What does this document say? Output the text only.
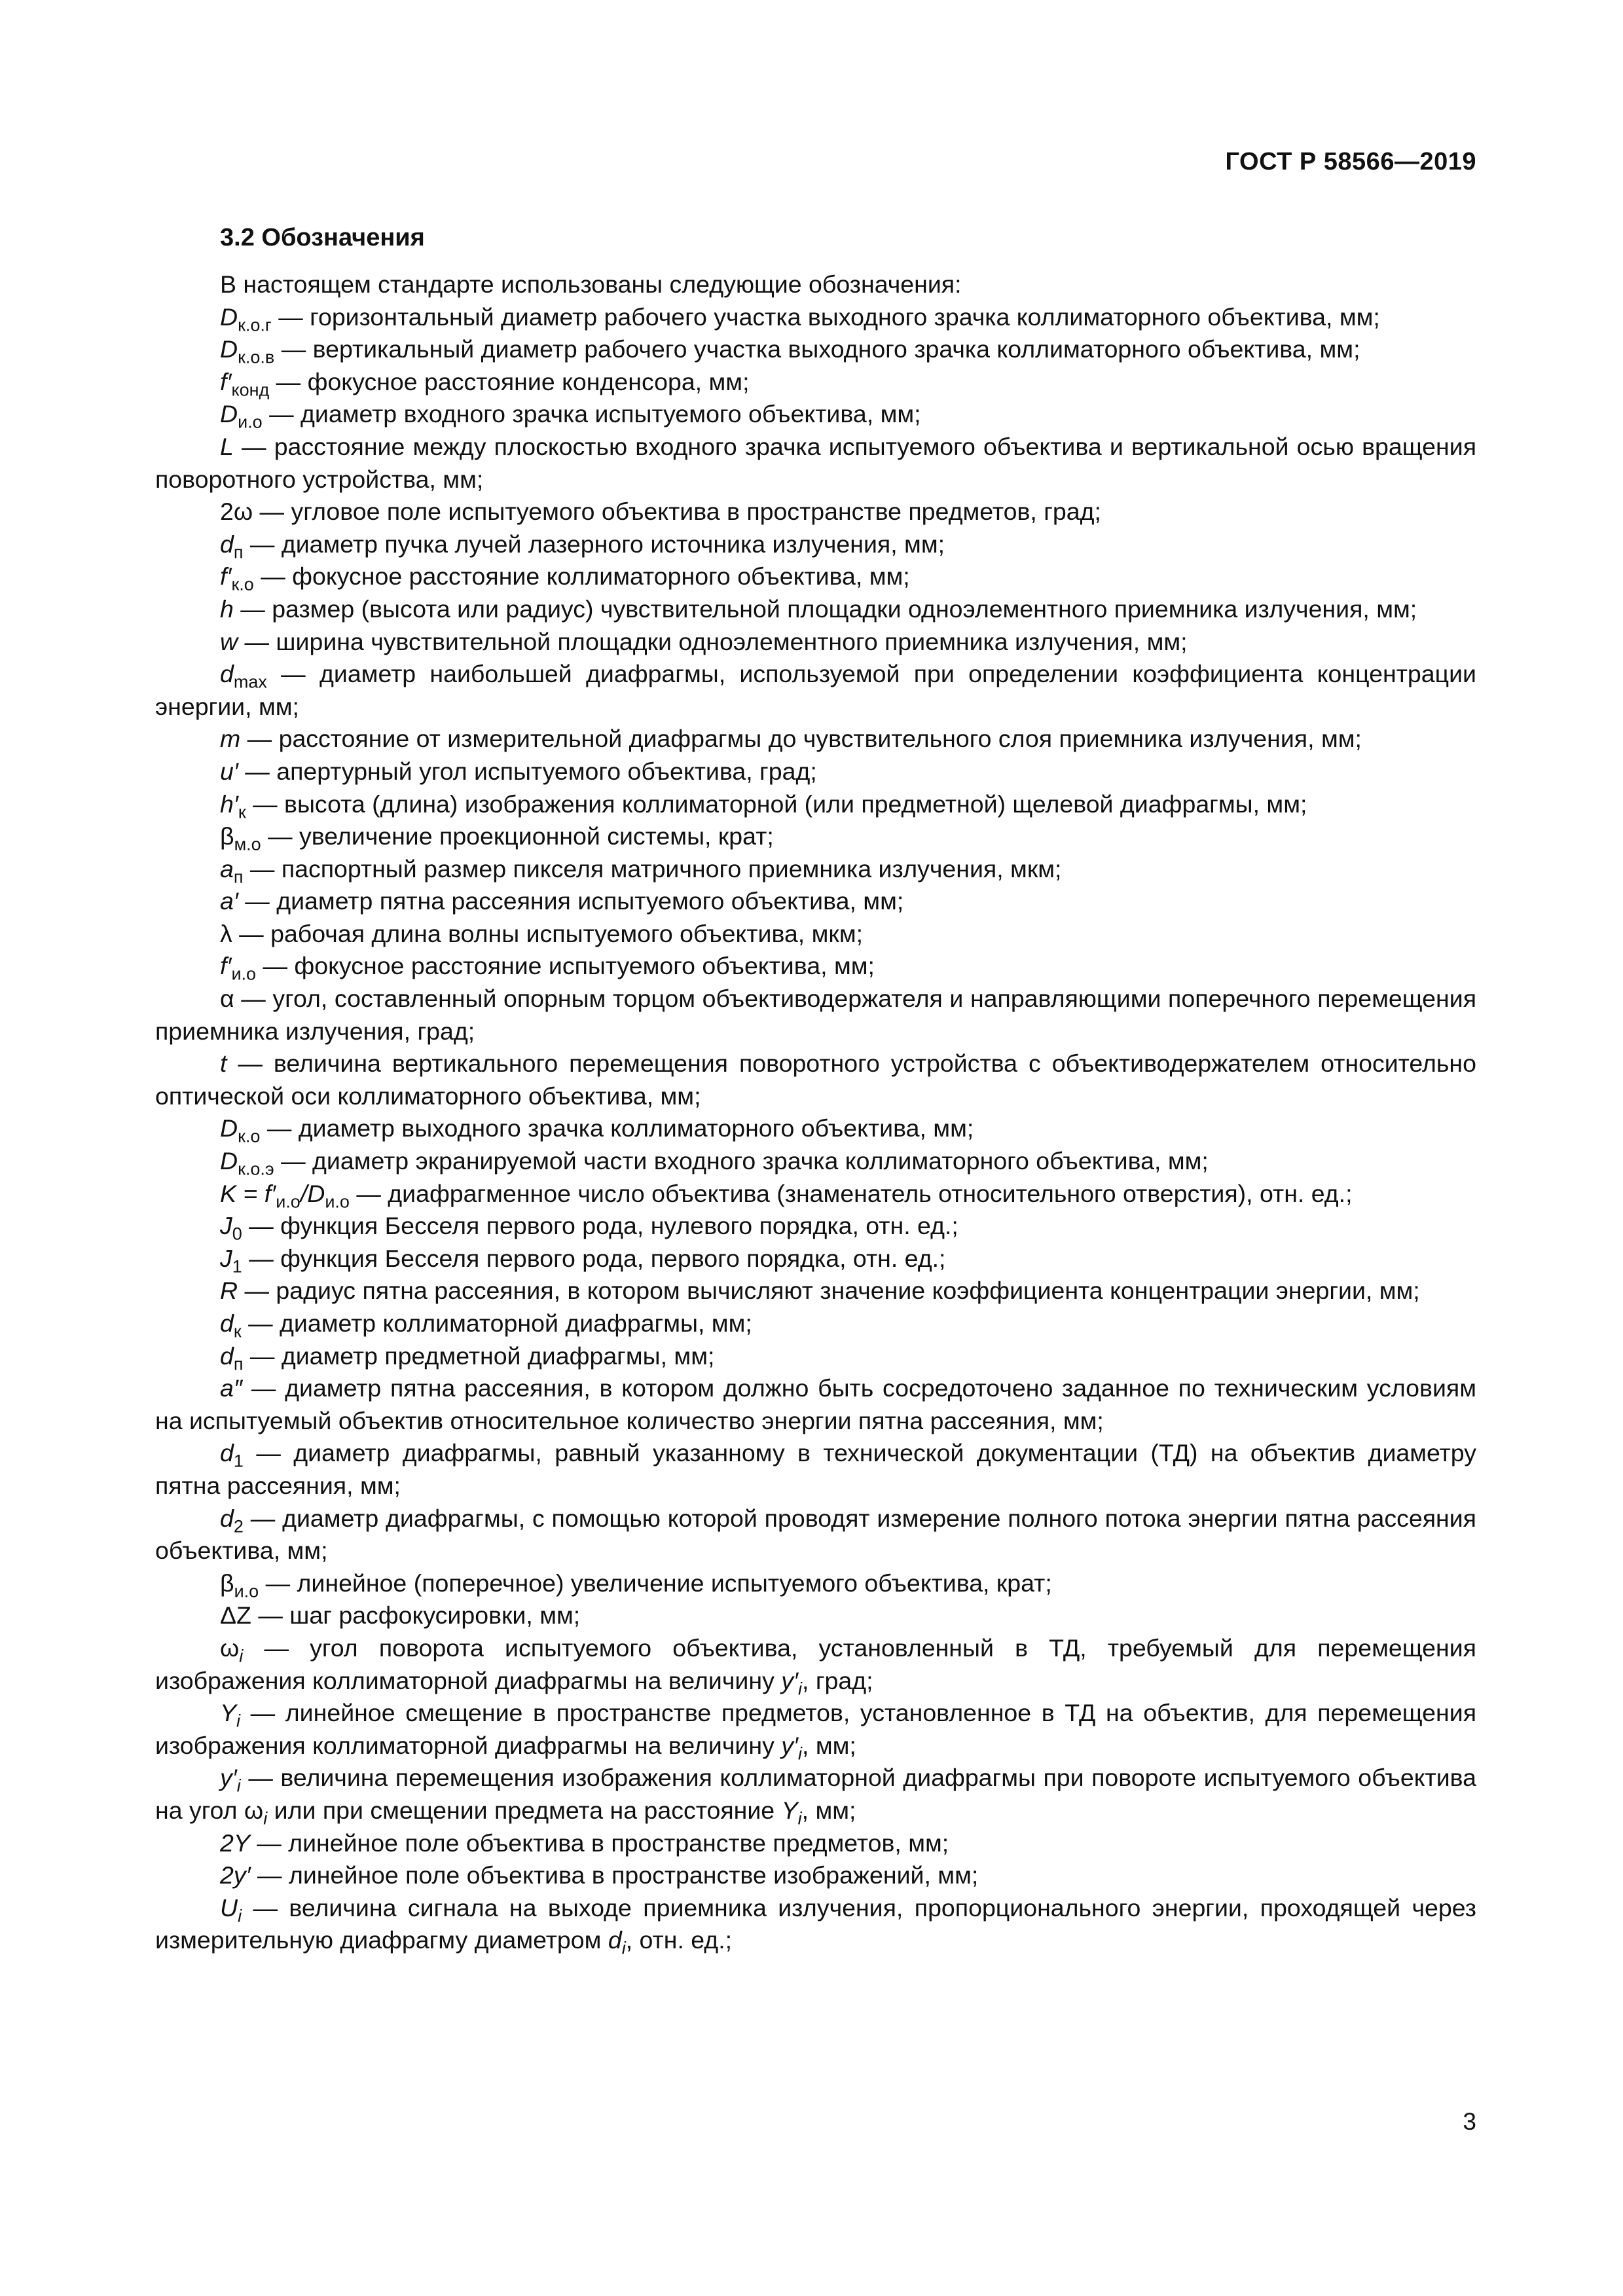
ГОСТ Р 58566—2019
3.2 Обозначения

В настоящем стандарте использованы следующие обозначения:

$D_{к.о.г}$ — горизонтальный диаметр рабочего участка выходного зрачка коллиматорного объектива, мм;

$D_{к.о.в}$ — вертикальный диаметр рабочего участка выходного зрачка коллиматорного объектива, мм;

$f'_{конд}$ — фокусное расстояние конденсора, мм;

$D_{и.о}$ — диаметр входного зрачка испытуемого объектива, мм;

L — расстояние между плоскостью входного зрачка испытуемого объектива и вертикальной осью вращения поворотного устройства, мм;

2ω — угловое поле испытуемого объектива в пространстве предметов, град;

$d_п$ — диаметр пучка лучей лазерного источника излучения, мм;

$f'_{к.о}$ — фокусное расстояние коллиматорного объектива, мм;

h — размер (высота или радиус) чувствительной площадки одноэлементного приемника излучения, мм;

w — ширина чувствительной площадки одноэлементного приемника излучения, мм;

$d_{max}$ — диаметр наибольшей диафрагмы, используемой при определении коэффициента концентрации энергии, мм;

m — расстояние от измерительной диафрагмы до чувствительного слоя приемника излучения, мм;

u′ — апертурный угол испытуемого объектива, град;

$h'_к$ — высота (длина) изображения коллиматорной (или предметной) щелевой диафрагмы, мм;

$\beta_{м.о}$ — увеличение проекционной системы, крат;

$a_п$ — паспортный размер пикселя матричного приемника излучения, мкм;

a′ — диаметр пятна рассеяния испытуемого объектива, мм;

λ — рабочая длина волны испытуемого объектива, мкм;

$f'_{и.о}$ — фокусное расстояние испытуемого объектива, мм;

α — угол, составленный опорным торцом объективодержателя и направляющими поперечного перемещения приемника излучения, град;

t — величина вертикального перемещения поворотного устройства с объективодержателем относительно оптической оси коллиматорного объектива, мм;

$D_{к.о}$ — диаметр выходного зрачка коллиматорного объектива, мм;

$D_{к.о.э}$ — диаметр экранируемой части входного зрачка коллиматорного объектива, мм;

$K = f'_{и.о}/D_{и.о}$ — диафрагменное число объектива (знаменатель относительного отверстия), отн. ед.;

$J_0$ — функция Бесселя первого рода, нулевого порядка, отн. ед.;

$J_1$ — функция Бесселя первого рода, первого порядка, отн. ед.;

R — радиус пятна рассеяния, в котором вычисляют значение коэффициента концентрации энергии, мм;

$d_к$ — диаметр коллиматорной диафрагмы, мм;

$d_п$ — диаметр предметной диафрагмы, мм;

a″ — диаметр пятна рассеяния, в котором должно быть сосредоточено заданное по техническим условиям на испытуемый объектив относительное количество энергии пятна рассеяния, мм;

$d_1$ — диаметр диафрагмы, равный указанному в технической документации (ТД) на объектив диаметру пятна рассеяния, мм;

$d_2$ — диаметр диафрагмы, с помощью которой проводят измерение полного потока энергии пятна рассеяния объектива, мм;

$\beta_{и.о}$ — линейное (поперечное) увеличение испытуемого объектива, крат;

ΔZ — шаг расфокусировки, мм;

$\omega_i$ — угол поворота испытуемого объектива, установленный в ТД, требуемый для перемещения изображения коллиматорной диафрагмы на величину $y'_i$, град;

$Y_i$ — линейное смещение в пространстве предметов, установленное в ТД на объектив, для перемещения изображения коллиматорной диафрагмы на величину $y'_i$, мм;

$y'_i$ — величина перемещения изображения коллиматорной диафрагмы при повороте испытуемого объектива на угол $\omega_i$ или при смещении предмета на расстояние $Y_i$, мм;

2Y — линейное поле объектива в пространстве предметов, мм;

2y′ — линейное поле объектива в пространстве изображений, мм;

$U_i$ — величина сигнала на выходе приемника излучения, пропорционального энергии, проходящей через измерительную диафрагму диаметром $d_i$, отн. ед.;

3
